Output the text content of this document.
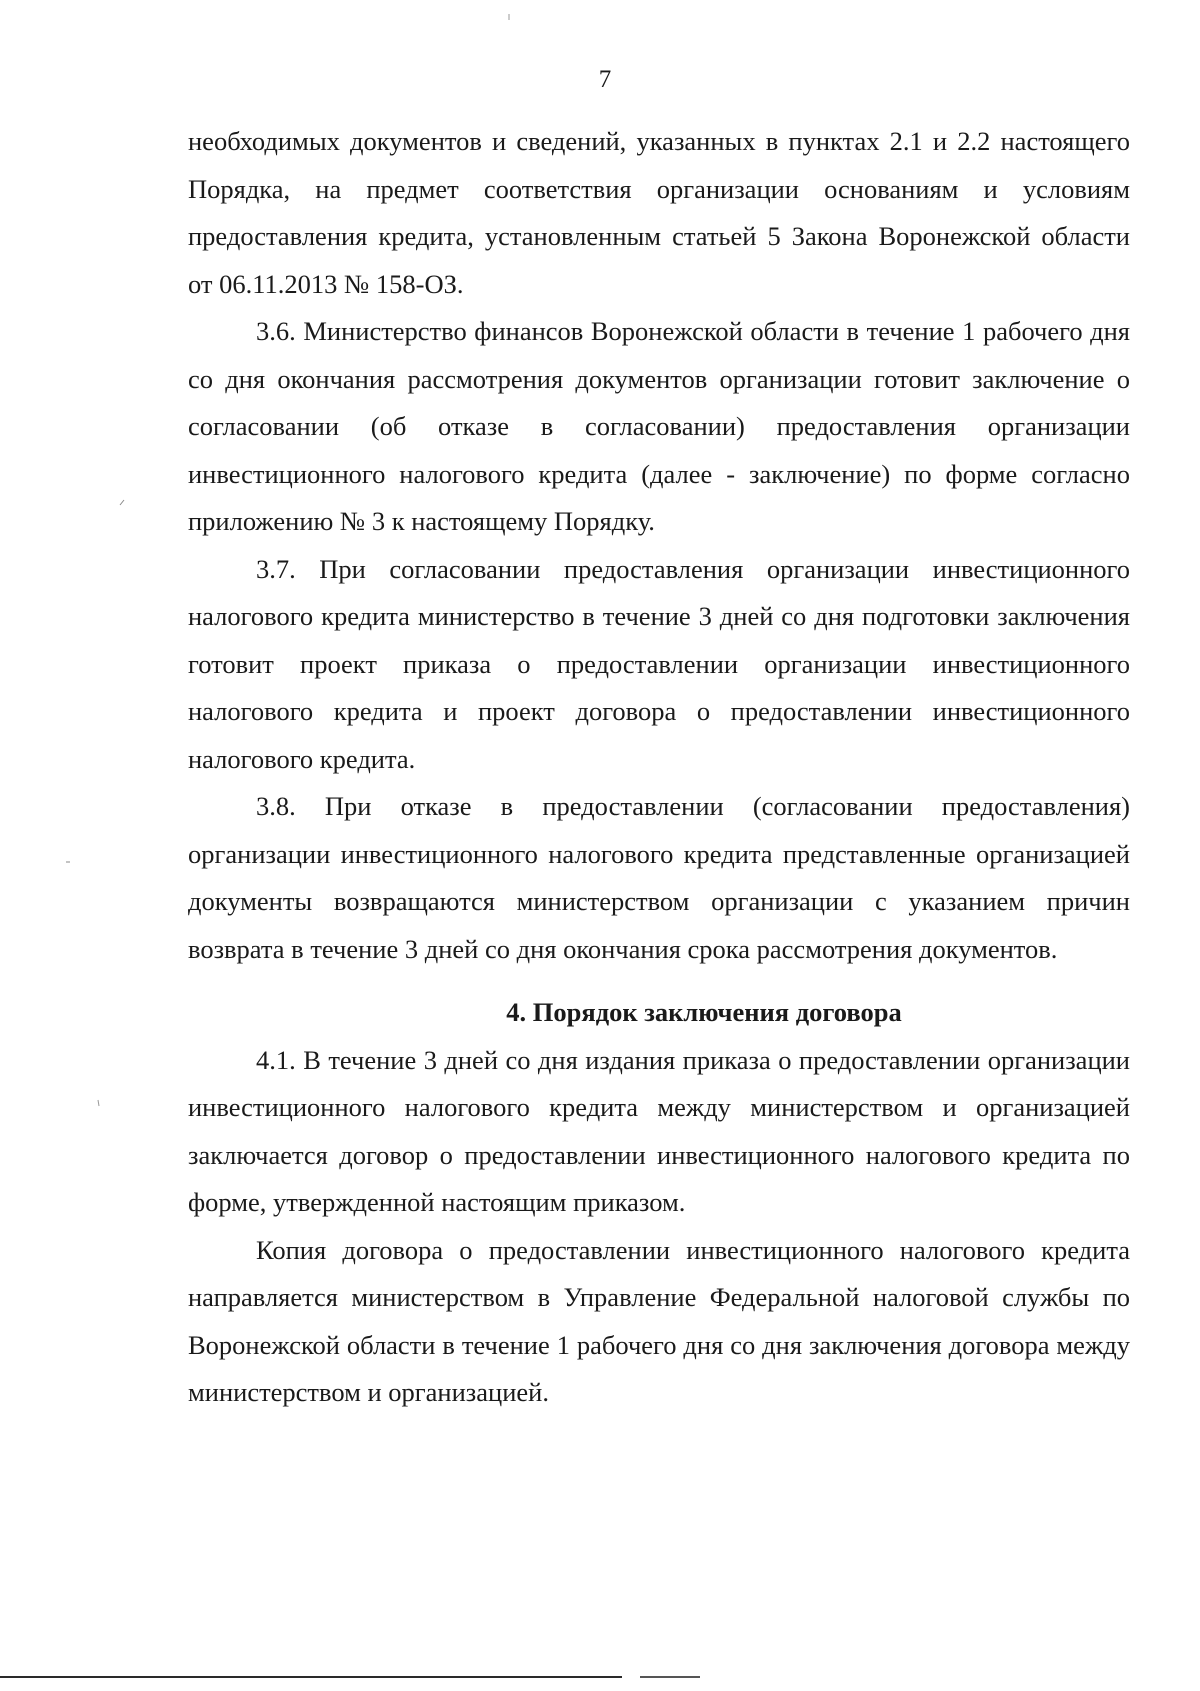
7

необходимых документов и сведений, указанных в пунктах 2.1 и 2.2 настоящего Порядка, на предмет соответствия организации основаниям и условиям предоставления кредита, установленным статьей 5 Закона Воронежской области от 06.11.2013 № 158-ОЗ.

3.6. Министерство финансов Воронежской области в течение 1 рабочего дня со дня окончания рассмотрения документов организации готовит заключение о согласовании (об отказе в согласовании) предоставления организации инвестиционного налогового кредита (далее - заключение) по форме согласно приложению № 3 к настоящему Порядку.

3.7. При согласовании предоставления организации инвестиционного налогового кредита министерство в течение 3 дней со дня подготовки заключения готовит проект приказа о предоставлении организации инвестиционного налогового кредита и проект договора о предоставлении инвестиционного налогового кредита.

3.8. При отказе в предоставлении (согласовании предоставления) организации инвестиционного налогового кредита представленные организацией документы возвращаются министерством организации с указанием причин возврата в течение 3 дней со дня окончания срока рассмотрения документов.

4. Порядок заключения договора

4.1. В течение 3 дней со дня издания приказа о предоставлении организации инвестиционного налогового кредита между министерством и организацией заключается договор о предоставлении инвестиционного налогового кредита по форме, утвержденной настоящим приказом.

Копия договора о предоставлении инвестиционного налогового кредита направляется министерством в Управление Федеральной налоговой службы по Воронежской области в течение 1 рабочего дня со дня заключения договора между министерством и организацией.
